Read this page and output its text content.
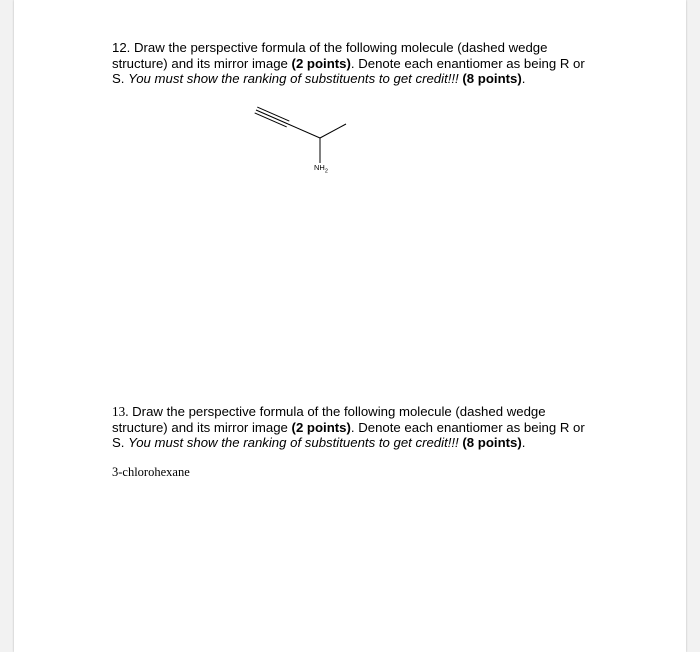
12. Draw the perspective formula of the following molecule (dashed wedge structure) and its mirror image (2 points). Denote each enantiomer as being R or S. You must show the ranking of substituents to get credit!!! (8 points).
$NH_2$
13. Draw the perspective formula of the following molecule (dashed wedge structure) and its mirror image (2 points). Denote each enantiomer as being R or S. You must show the ranking of substituents to get credit!!! (8 points).
3-chlorohexane
